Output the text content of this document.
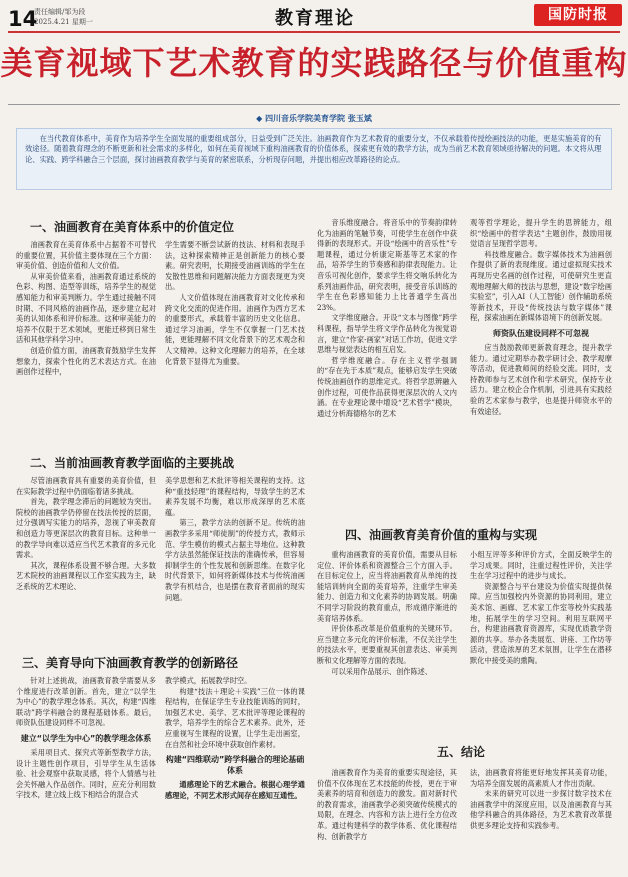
14
责任编辑/邹为段
2025.4.21 星期一	教育理论	国防时报
美育视域下艺术教育的实践路径与价值重构
◆ 四川音乐学院美育学院 张玉斌
在当代教育体系中，美育作为培养学生全面发展的重要组成部分，日益受到广泛关注。油画教育作为艺术教育的重要分支，不仅承载着传授绘画技法的功能，更是实施美育的有效途径。随着教育理念的不断更新和社会需求的多样化，如何在美育视域下重构油画教育的价值体系，探索更有效的教学方法，成为当前艺术教育领域亟待解决的问题。本文将从理论、实践、跨学科融合三个层面，探讨油画教育教学与美育的紧密联系，分析现存问题，并提出相应改革路径的论点。
一、油画教育在美育体系中的价值定位

油画教育在美育体系中占据着不可替代的重要位置，其价值主要体现在三个方面：审美价值、创造价值和人文价值。

从审美价值来看，油画教育通过系统的色彩、构图、造型等训练，培养学生的视觉感知能力和审美判断力。学生通过接触不同时期、不同风格的油画作品，逐步建立起对美的认知体系和评价标准。这种审美能力的培养不仅限于艺术领域，更能迁移到日常生活和其他学科学习中。

创造价值方面，油画教育鼓励学生发挥想象力，探索个性化的艺术表达方式。在油画创作过程中，

学生需要不断尝试新的技法、材料和表现手法，这种探索精神正是创新能力的核心要素。研究表明，长期接受油画训练的学生在发散性思维和问题解决能力方面表现更为突出。

人文价值体现在油画教育对文化传承和跨文化交流的促进作用。油画作为西方艺术的重要形式，承载着丰富的历史文化信息。通过学习油画，学生不仅掌握一门艺术技能，更能理解不同文化背景下的艺术观念和人文精神。这种文化理解力的培养，在全球化背景下显得尤为重要。

二、当前油画教育教学面临的主要挑战

尽管油画教育具有重要的美育价值，但在实际教学过程中仍面临着诸多挑战。

首先，教学理念滞后的问题较为突出。院校的油画教学仍停留在技法传授的层面，过分强调写实能力的培养，忽视了审美教育和创造力等更深层次的教育目标。这种单一的教学导向难以适应当代艺术教育的多元化需求。

其次，课程体系设置不够合理。大多数艺术院校的油画课程以工作室实践为主，缺乏系统的艺术理论、

美学思想和艺术批评等相关课程的支持。这种“重技轻理”的课程结构，导致学生的艺术素养发展不均衡，难以形成深厚的艺术底蕴。

第三，教学方法的创新不足。传统的油画教学多采用“师徒制”的传授方式，教师示范、学生模仿的模式占据主导地位。这种教学方法虽然能保证技法的准确传承，但容易抑制学生的个性发展和创新思维。在数字化时代背景下，如何将新媒体技术与传统油画教学有机结合，也是摆在教育者面前的现实问题。

三、美育导向下油画教育教学的创新路径

针对上述挑战，油画教育教学需要从多个维度进行改革创新。首先，建立“以学生为中心”的教学理念体系。其次，构建“四维联动”跨学科融合的课程基础体系。最后，师资队伍建设同样不可忽视。

建立“以学生为中心”的教学理念体系

采用项目式、探究式等新型教学方法，设计主题性创作项目，引导学生从生活体验、社会观察中获取灵感，将个人情感与社会关怀融入作品创作。同时，应充分利用数字技术，建立线上线下相结合的混合式

教学模式，拓展教学时空。

构建“技法＋理论＋实践”三位一体的课程结构，在保证学生专业技能训练的同时，加强艺术史、美学、艺术批评等理论课程的教学，培养学生的综合艺术素养。此外，还应重视写生课程的设置，让学生走出画室，在自然和社会环境中获取创作素材。

构建“四维联动”跨学科融合的理论基础体系

通感理论下的艺术融合。根据心理学通感理论，不同艺术形式间存在感知互通性。

音乐维度融合。将音乐中的节奏韵律转化为油画的笔触节奏，可使学生在创作中获得新的表现形式。开设“绘画中的音乐性”专题课程，通过分析康定斯基等艺术家的作品，培养学生的节奏感和韵律表现能力。让音乐可视化创作，要求学生将交响乐转化为系列油画作品，研究表明，接受音乐训练的学生在色彩感知能力上比普通学生高出23%。

文学维度融合。开设“文本与图像”跨学科课程，指导学生将文学作品转化为视觉语言，建立“作家-画家”对话工作坊，促进文学思维与视觉表达的相互启发。

哲学维度融合。存在主义哲学强调的“存在先于本质”观点，能够启发学生突破传统油画创作的思维定式。将哲学思辨融入创作过程，可使作品获得更深层次的人文内涵。在专业理论课中增设“艺术哲学”模块，通过分析海德格尔的艺术

观等哲学理论，提升学生的思辨能力，组织“绘画中的哲学表达”主题创作，鼓励用视觉语言呈现哲学思考。

科技维度融合。数字媒体技术为油画创作提供了新的表现维度。通过虚拟现实技术再现历史名画的创作过程，可使研究生更直观地理解大师的技法与思想，建设“数字绘画实验室”，引入AI（人工智能）创作辅助系统等新技术，开设“传统技法与数字媒体”课程，探索油画在新媒体语境下的创新发展。

师资队伍建设同样不可忽视

应当鼓励教师更新教育理念，提升教学能力。通过定期举办教学研讨会、教学观摩等活动，促进教师间的经验交流。同时，支持教师参与艺术创作和学术研究，保持专业活力。建立校企合作机制，引进具有实践经验的艺术家参与教学，也是提升师资水平的有效途径。

四、油画教育美育价值的重构与实现

重构油画教育的美育价值，需要从目标定位、评价体系和资源整合三个方面入手。在目标定位上，应当将油画教育从单纯的技能培训转向全面的美育培养，注重学生审美能力、创造力和文化素养的协调发展。明确不同学习阶段的教育重点，形成循序渐进的美育培养体系。

评价体系改革是价值重构的关键环节。应当建立多元化的评价标准，不仅关注学生的技法水平，更要重视其创意表达、审美判断和文化理解等方面的表现。

可以采用作品展示、创作陈述、

小组互评等多种评价方式，全面反映学生的学习成果。同时，注重过程性评价，关注学生在学习过程中的进步与成长。

资源整合与平台建设为价值实现提供保障。应当加强校内外资源的协同利用，建立美术馆、画廊、艺术家工作室等校外实践基地，拓展学生的学习空间。利用互联网平台，构建油画教育资源库，实现优质教学资源的共享。举办各类展览、讲座、工作坊等活动，营造浓厚的艺术氛围，让学生在潜移默化中接受美的熏陶。

五、结论

油画教育作为美育的重要实现途径，其价值不仅体现在艺术技能的传授，更在于审美素养的培育和创造力的激发。面对新时代的教育需求，油画教学必须突破传统模式的局限，在理念、内容和方法上进行全方位改革。通过构建科学的教学体系、优化课程结构、创新教学方

法，油画教育将能更好地发挥其美育功能，为培养全面发展的高素质人才作出贡献。

未来的研究可以进一步探讨数字技术在油画教学中的深度应用，以及油画教育与其他学科融合的具体路径，为艺术教育改革提供更多理论支持和实践参考。
